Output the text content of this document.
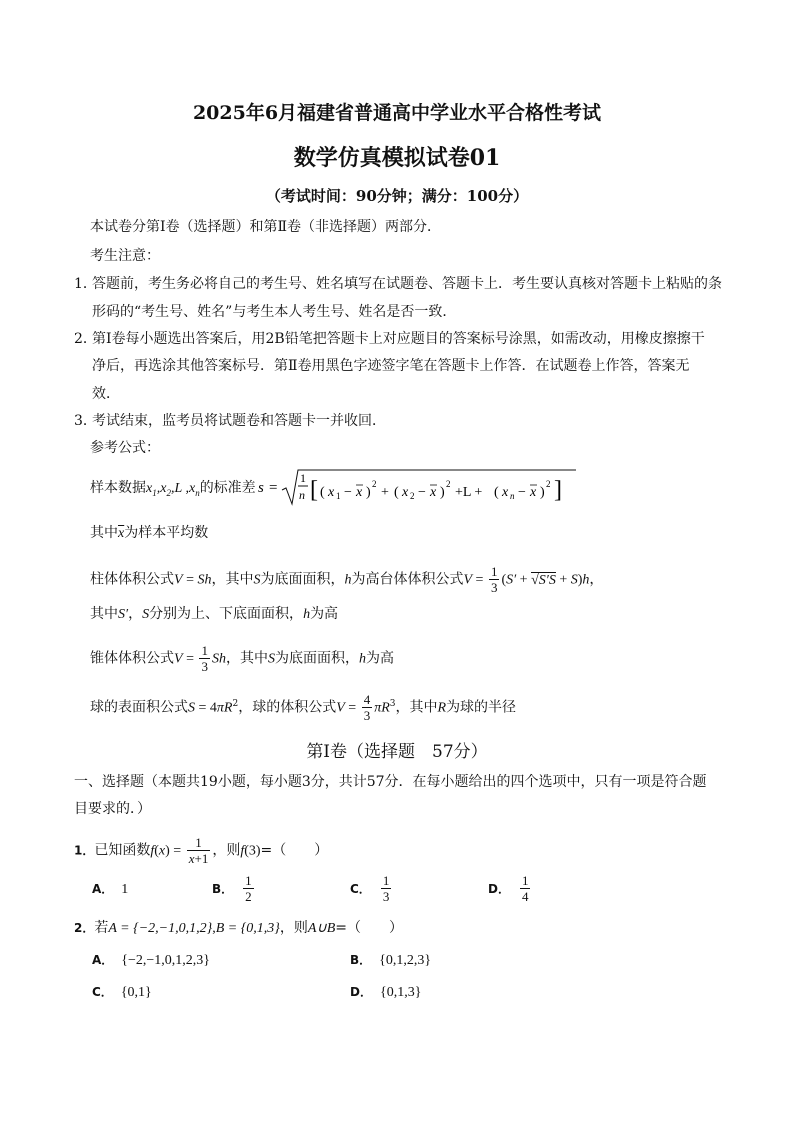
2025年6月福建省普通高中学业水平合格性考试
数学仿真模拟试卷01
（考试时间：90分钟；满分：100分）
本试卷分第Ⅰ卷（选择题）和第Ⅱ卷（非选择题）两部分．
考生注意：
1．
答题前，考生务必将自己的考生号、姓名填写在试题卷、答题卡上．考生要认真核对答题卡上粘贴的条
形码的“考生号、姓名”与考生本人考生号、姓名是否一致．
2．
第Ⅰ卷每小题选出答案后，用2B铅笔把答题卡上对应题目的答案标号涂黑，如需改动，用橡皮擦擦干
净后，再选涂其他答案标号．第Ⅱ卷用黑色字迹签字笔在答题卡上作答．在试题卷上作答，答案无
效．
3．
考试结束，监考员将试题卷和答题卡一并收回．
参考公式：
样本数据$x_1,x_2,L$ $,x_n$的标准差 s =
1
n [ ( x 1 − x )
2
+ ( x 2 − x )
2
+L + ( x n − x )
2 ]
其中$\overline{x}$为样本平均数
柱体体积公式V = Sh，其中S为底面面积，h为高台体体积公式$V = \frac{1}{3} (S' + √S'S + S)h$，
其中S′，S分别为上、下底面面积，h为高
锥体体积公式$V = \frac{1}{3}$ Sh，其中S为底面面积，h为高
球的表面积公式$S = 4\pi R^2$，球的体积公式$V = \frac{4}{3} \pi R^3$，其中R为球的半径
第Ⅰ卷（选择题　57分）
一、选择题（本题共19小题，每小题3分，共计57分．在每小题给出的四个选项中，只有一项是符合题
目要求的．）
1．已知函数$f(x) = \frac{1}{x+1}$ ，则f(3)=（　　）
A． 1	B． $\frac{1}{2}$	C． $\frac{1}{3}$	D． $\frac{1}{4}$
2．若A = {−2,−1,0,1,2},B = {0,1,3}，则A∪B=（　　）
A． {−2,−1,0,1,2,3}	B． {0,1,2,3}
C． {0,1}	D． {0,1,3}
